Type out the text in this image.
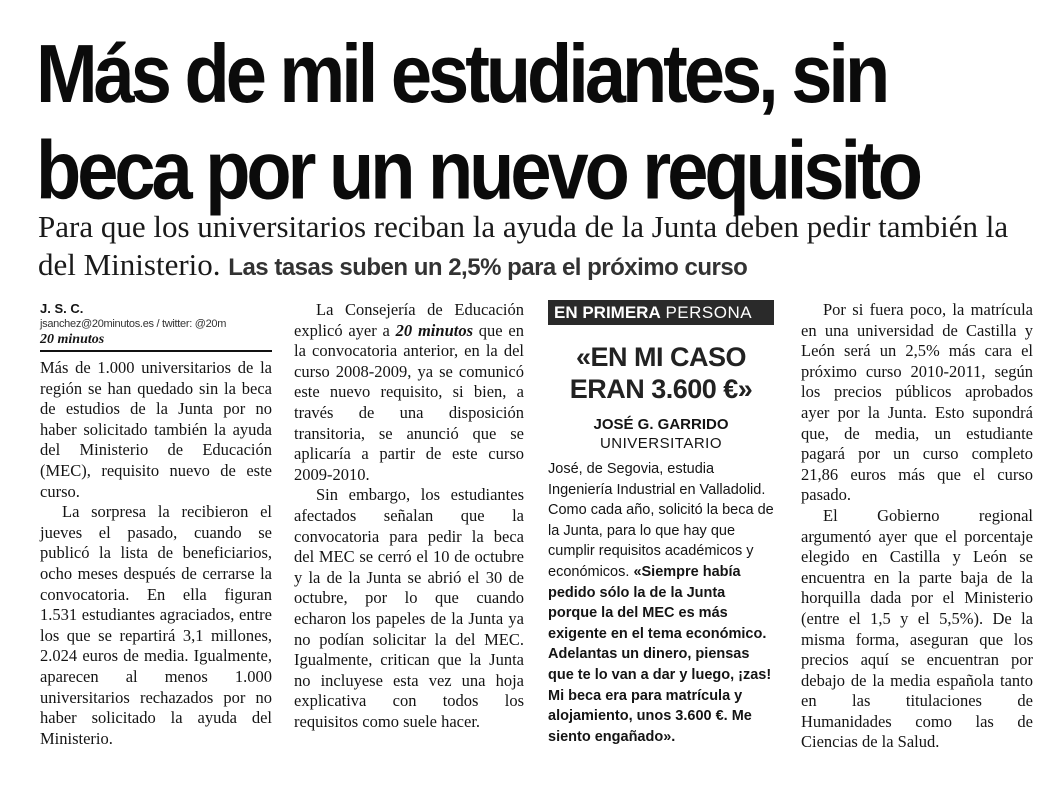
Más de mil estudiantes, sin beca por un nuevo requisito

Para que los universitarios reciban la ayuda de la Junta deben pedir también la del Ministerio. Las tasas suben un 2,5% para el próximo curso

J. S. C.
jsanchez@20minutos.es / twitter: @20m
20 minutos

Más de 1.000 universitarios de la región se han quedado sin la beca de estudios de la Junta por no haber solicitado también la ayuda del Ministerio de Educación (MEC), requisito nuevo de este curso.

La sorpresa la recibieron el jueves el pasado, cuando se publicó la lista de beneficiarios, ocho meses después de cerrarse la convocatoria. En ella figuran 1.531 estudiantes agraciados, entre los que se repartirá 3,1 millones, 2.024 euros de media. Igualmente, aparecen al menos 1.000 universitarios rechazados por no haber solicitado la ayuda del Ministerio.

La Consejería de Educación explicó ayer a 20 minutos que en la convocatoria anterior, en la del curso 2008-2009, ya se comunicó este nuevo requisito, si bien, a través de una disposición transitoria, se anunció que se aplicaría a partir de este curso 2009-2010.

Sin embargo, los estudiantes afectados señalan que la convocatoria para pedir la beca del MEC se cerró el 10 de octubre y la de la Junta se abrió el 30 de octubre, por lo que cuando echaron los papeles de la Junta ya no podían solicitar la del MEC. Igualmente, critican que la Junta no incluyese esta vez una hoja explicativa con todos los requisitos como suele hacer.

EN PRIMERA PERSONA
«EN MI CASO
ERAN 3.600 €»
JOSÉ G. GARRIDO
UNIVERSITARIO
José, de Segovia, estudia Ingeniería Industrial en Valladolid. Como cada año, solicitó la beca de la Junta, para lo que hay que cumplir requisitos académicos y económicos. «Siempre había pedido sólo la de la Junta porque la del MEC es más exigente en el tema económico. Adelantas un dinero, piensas que te lo van a dar y luego, ¡zas! Mi beca era para matrícula y alojamiento, unos 3.600 €. Me siento engañado».

Por si fuera poco, la matrícula en una universidad de Castilla y León será un 2,5% más cara el próximo curso 2010-2011, según los precios públicos aprobados ayer por la Junta. Esto supondrá que, de media, un estudiante pagará por un curso completo 21,86 euros más que el curso pasado.

El Gobierno regional argumentó ayer que el porcentaje elegido en Castilla y León se encuentra en la parte baja de la horquilla dada por el Ministerio (entre el 1,5 y el 5,5%). De la misma forma, aseguran que los precios aquí se encuentran por debajo de la media española tanto en las titulaciones de Humanidades como las de Ciencias de la Salud.
